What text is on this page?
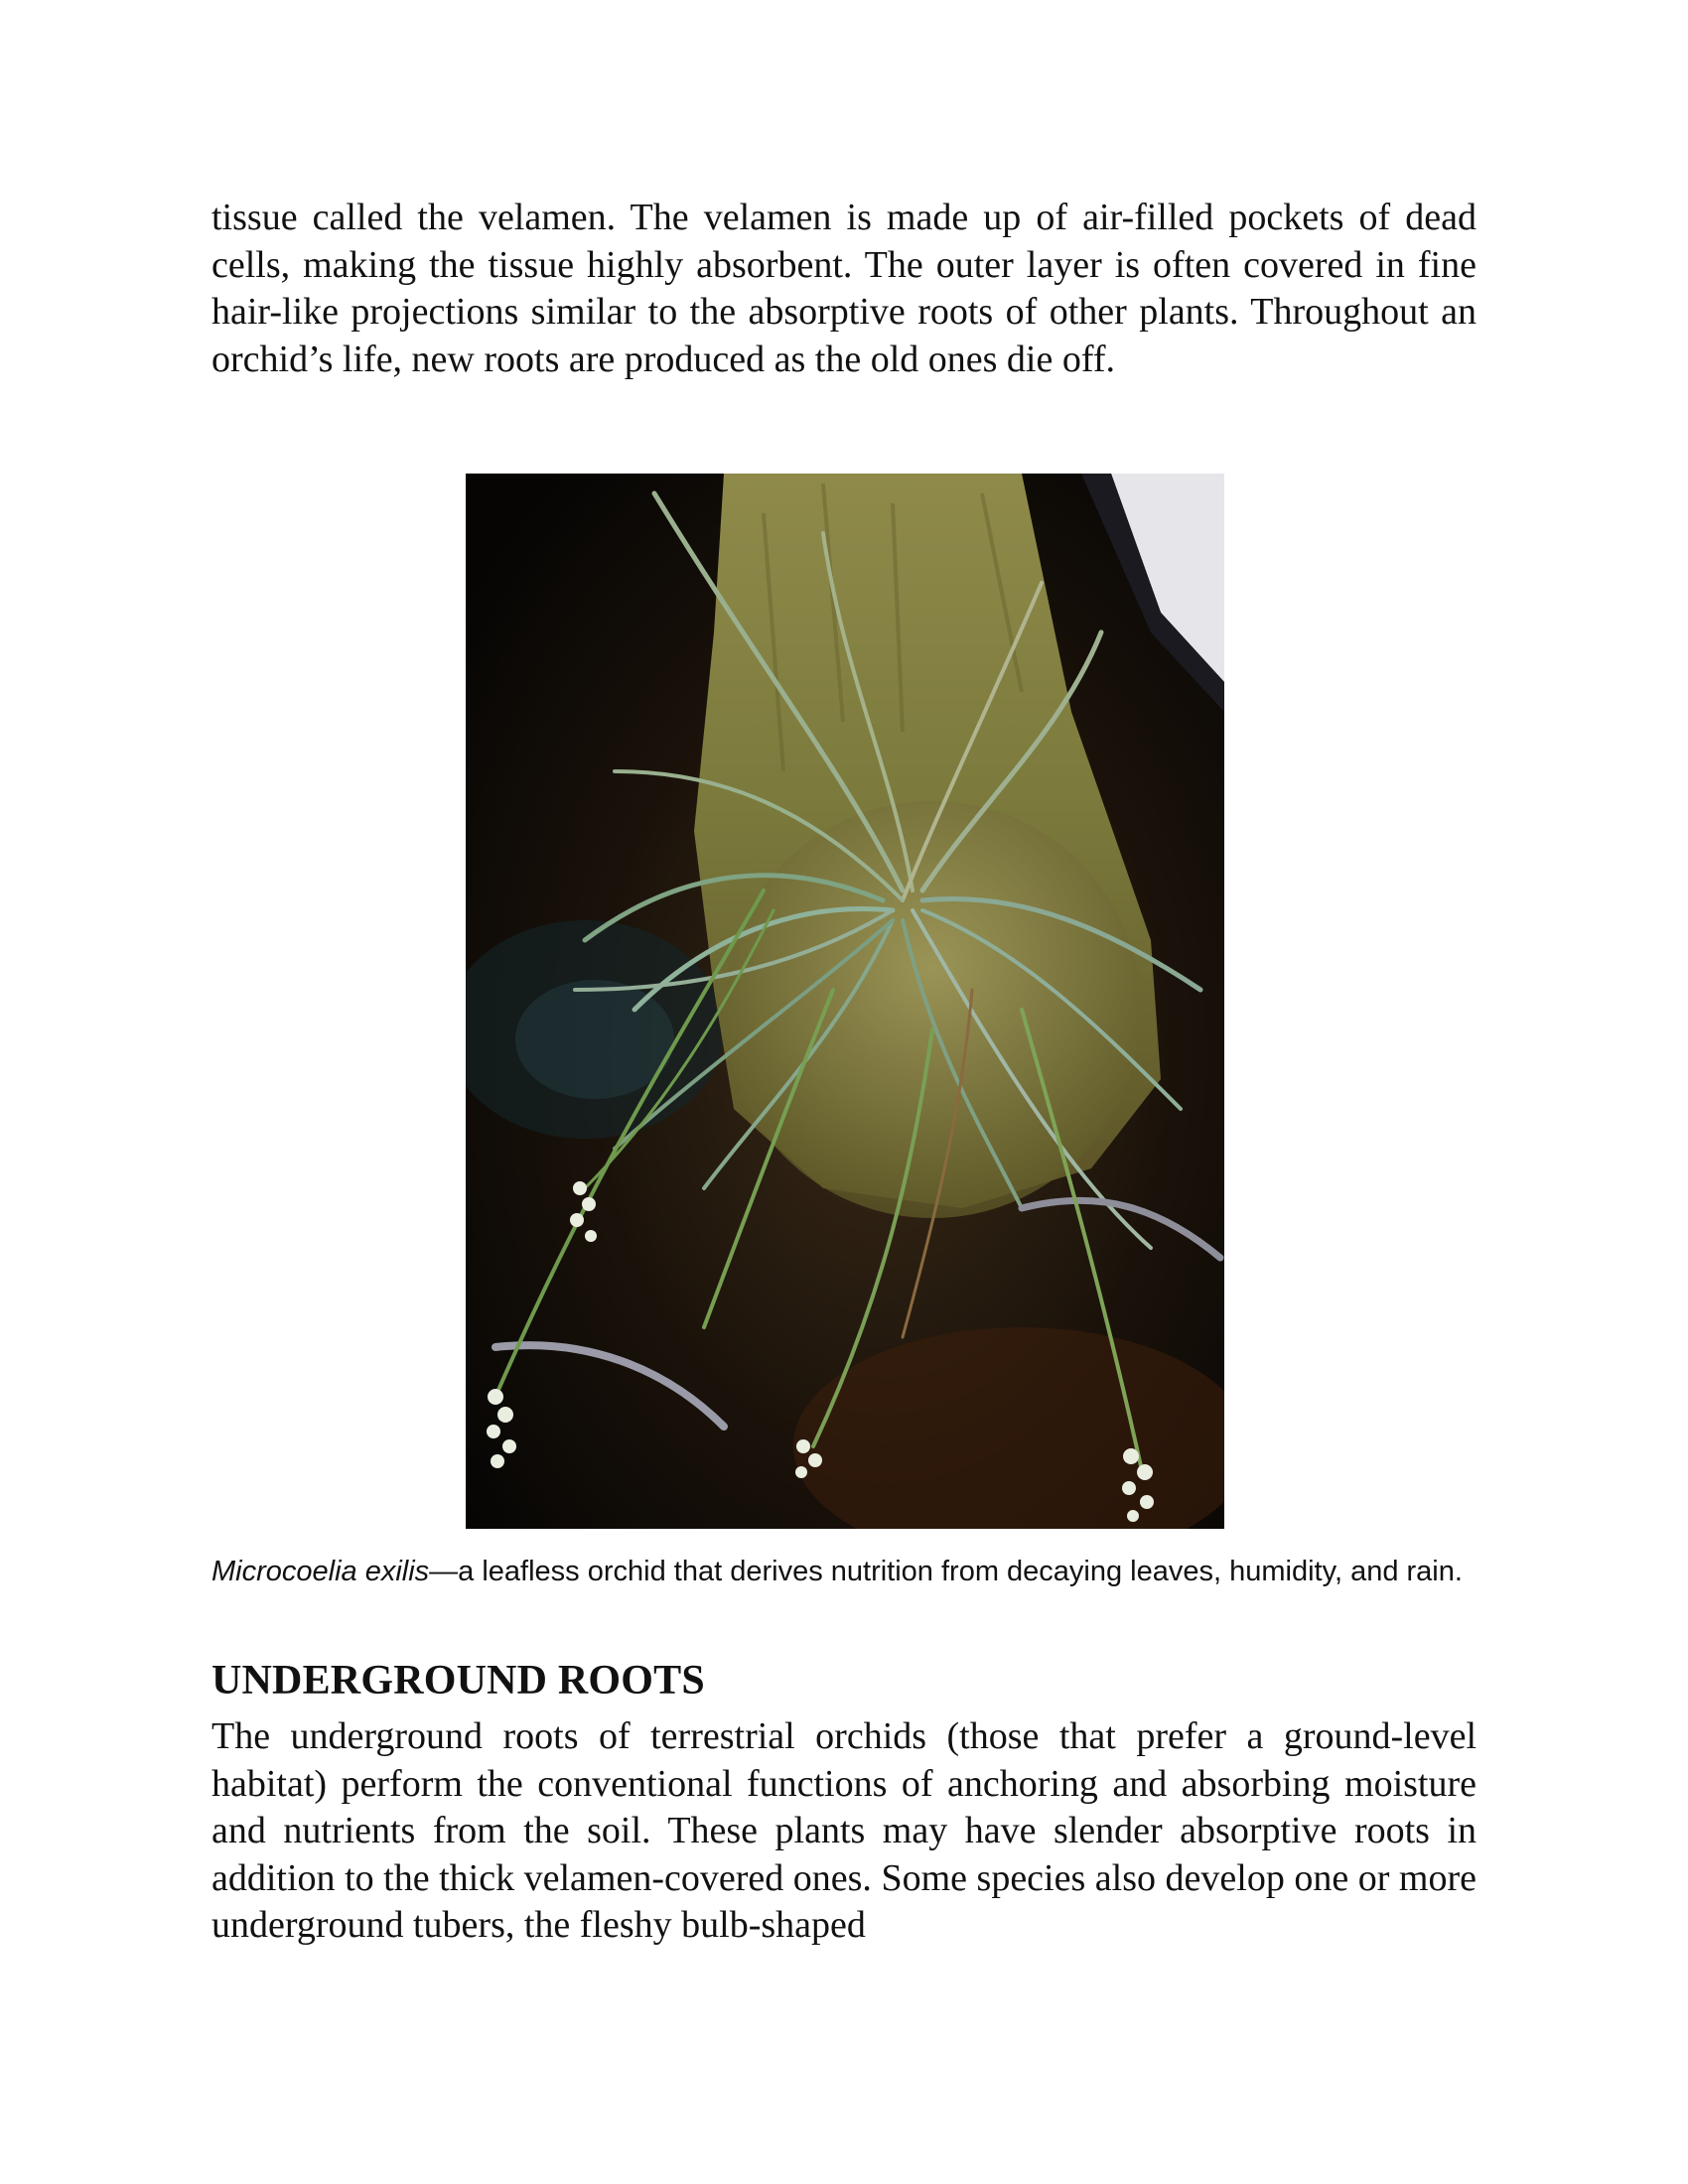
tissue called the velamen. The velamen is made up of air-filled pockets of dead cells, making the tissue highly absorbent. The outer layer is often covered in fine hair-like projections similar to the absorptive roots of other plants. Throughout an orchid’s life, new roots are produced as the old ones die off.

Microcoelia exilis—a leafless orchid that derives nutrition from decaying leaves, humidity, and rain.

UNDERGROUND ROOTS

The underground roots of terrestrial orchids (those that prefer a ground-level habitat) perform the conventional functions of anchoring and absorbing moisture and nutrients from the soil. These plants may have slender absorptive roots in addition to the thick velamen-covered ones. Some species also develop one or more underground tubers, the fleshy bulb-shaped
